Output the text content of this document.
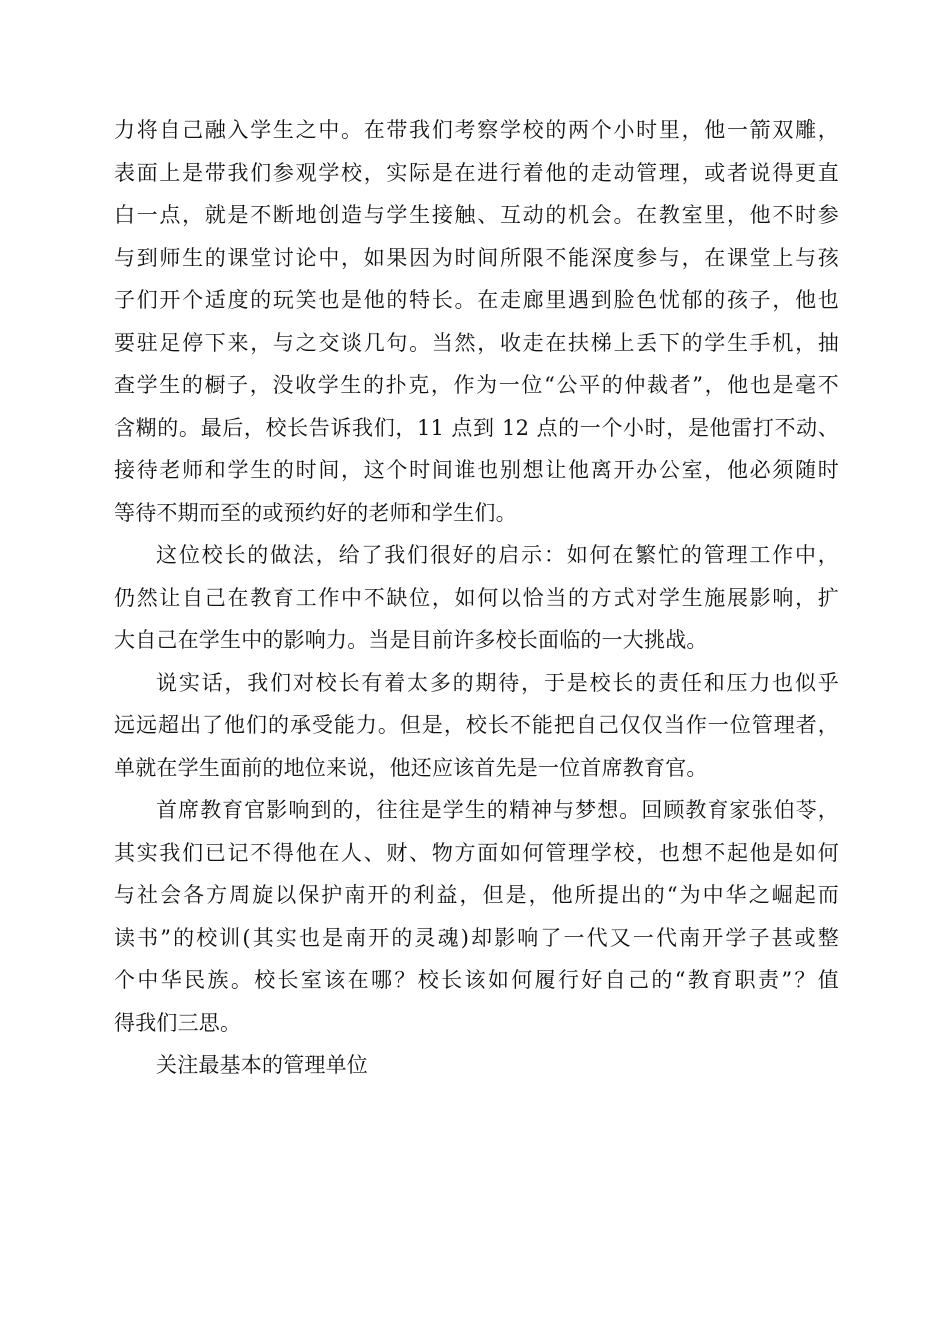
力将自己融入学生之中。在带我们考察学校的两个小时里，他一箭双雕，
表面上是带我们参观学校，实际是在进行着他的走动管理，或者说得更直
白一点，就是不断地创造与学生接触、互动的机会。在教室里，他不时参
与到师生的课堂讨论中，如果因为时间所限不能深度参与，在课堂上与孩
子们开个适度的玩笑也是他的特长。在走廊里遇到脸色忧郁的孩子，他也
要驻足停下来，与之交谈几句。当然，收走在扶梯上丢下的学生手机，抽
查学生的橱子，没收学生的扑克，作为一位“公平的仲裁者”，他也是毫不
含糊的。最后，校长告诉我们，11 点到 12 点的一个小时，是他雷打不动、
接待老师和学生的时间，这个时间谁也别想让他离开办公室，他必须随时
等待不期而至的或预约好的老师和学生们。
这位校长的做法，给了我们很好的启示：如何在繁忙的管理工作中，
仍然让自己在教育工作中不缺位，如何以恰当的方式对学生施展影响，扩
大自己在学生中的影响力。当是目前许多校长面临的一大挑战。
说实话，我们对校长有着太多的期待，于是校长的责任和压力也似乎
远远超出了他们的承受能力。但是，校长不能把自己仅仅当作一位管理者，
单就在学生面前的地位来说，他还应该首先是一位首席教育官。
首席教育官影响到的，往往是学生的精神与梦想。回顾教育家张伯苓，
其实我们已记不得他在人、财、物方面如何管理学校，也想不起他是如何
与社会各方周旋以保护南开的利益，但是，他所提出的“为中华之崛起而
读书”的校训(其实也是南开的灵魂)却影响了一代又一代南开学子甚或整
个中华民族。校长室该在哪？校长该如何履行好自己的“教育职责”？值
得我们三思。
关注最基本的管理单位
